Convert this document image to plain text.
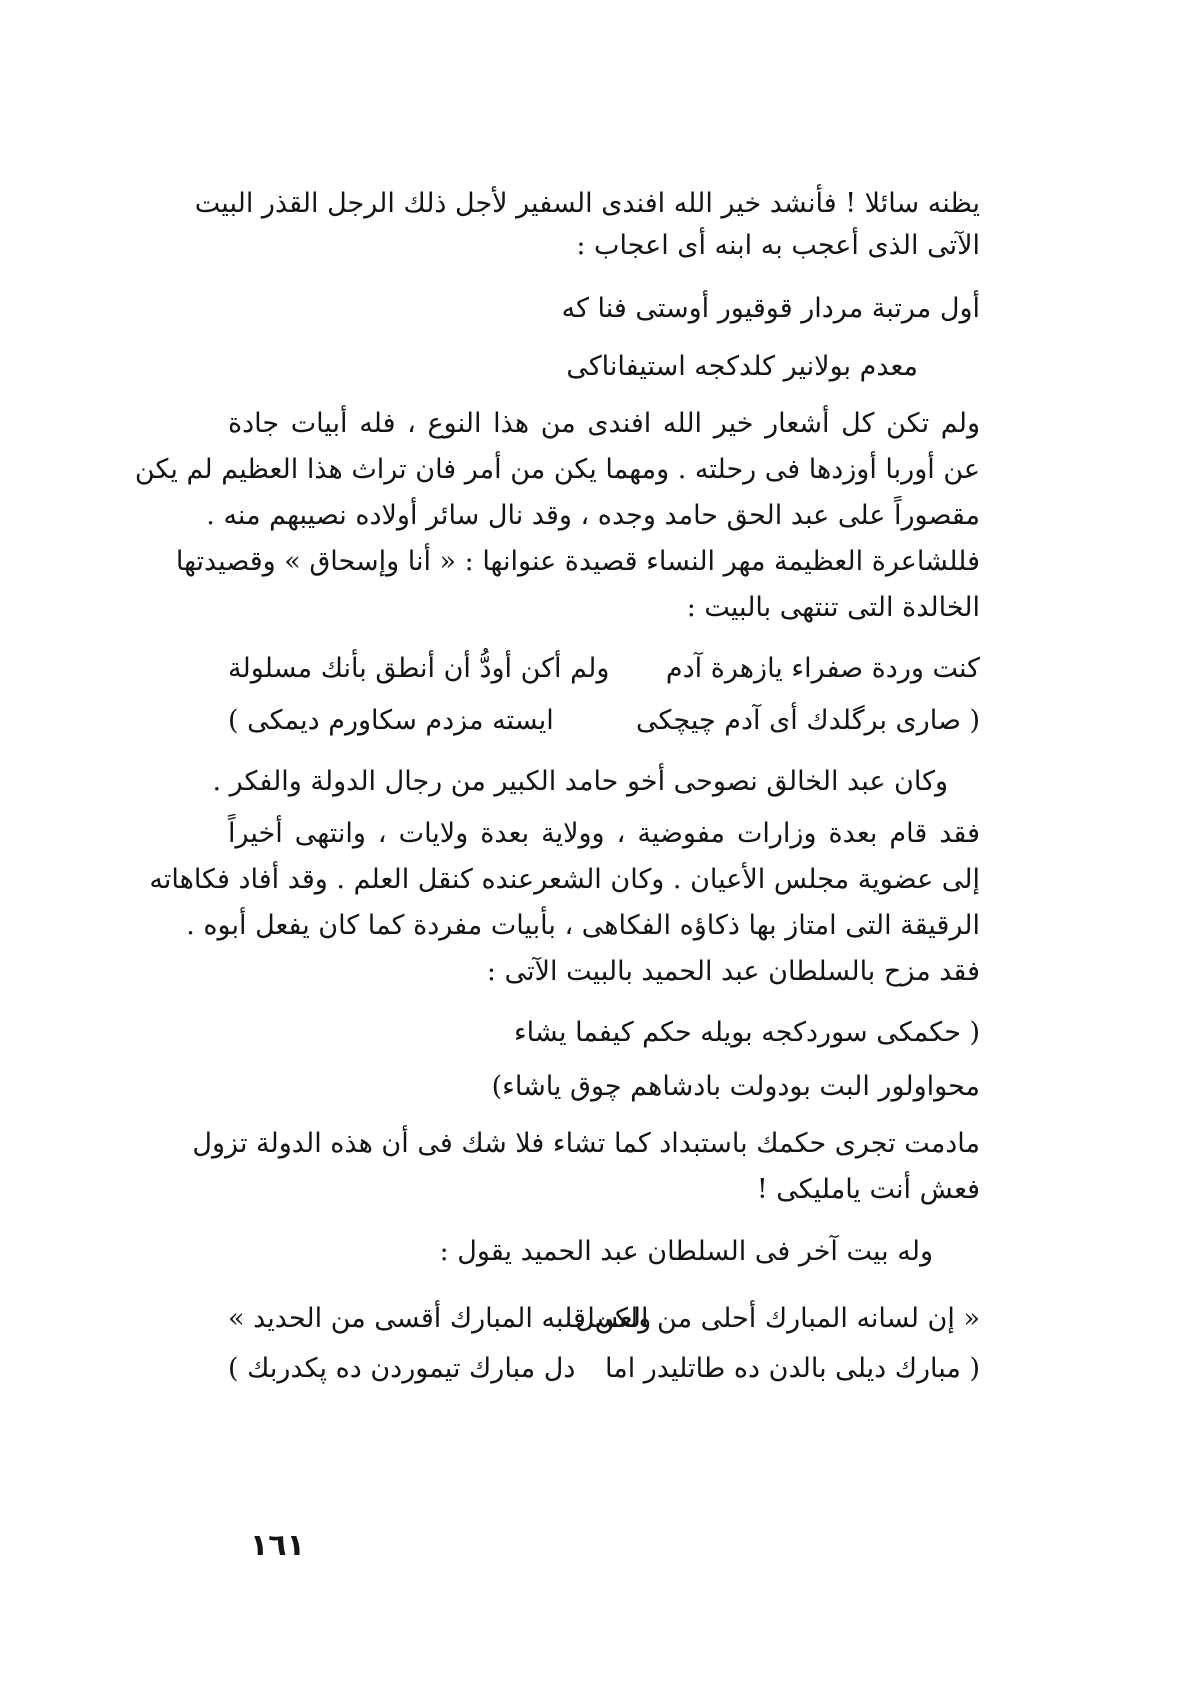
يظنه سائلا ! فأنشد خير الله افندى السفير لأجل ذلك الرجل القذر البيت

الآتى الذى أعجب به ابنه أى اعجاب :

أول مرتبة مردار قوقيور أوستى فنا كه

معدم بولانير كلدكجه استيفاناكى

ولم تكن كل أشعار خير الله افندى من هذا النوع ، فله أبيات جادة

عن أوربا أوزدها فى رحلته . ومهما يكن من أمر فان تراث هذا العظيم لم يكن

مقصوراً على عبد الحق حامد وجده ، وقد نال سائر أولاده نصيبهم منه .

فللشاعرة العظيمة مهر النساء قصيدة عنوانها : « أنا وإسحاق » وقصيدتها

الخالدة التى تنتهى بالبيت :

كنت وردة صفراء يازهرة آدم
ولم أكن أودُّ أن أنطق بأنك مسلولة
( صارى برگلدك أى آدم چيچكى
ايسته مزدم سكاورم ديمكى )

وكان عبد الخالق نصوحى أخو حامد الكبير من رجال الدولة والفكر .

فقد قام بعدة وزارات مفوضية ، وولاية بعدة ولايات ، وانتهى أخيراً

إلى عضوية مجلس الأعيان . وكان الشعرعنده كنقل العلم . وقد أفاد فكاهاته

الرقيقة التى امتاز بها ذكاؤه الفكاهى ، بأبيات مفردة كما كان يفعل أبوه .

فقد مزح بالسلطان عبد الحميد بالبيت الآتى :

( حكمكى سوردكجه بويله حكم كيفما يشاء

محواولور البت بودولت بادشاهم چوق ياشاء)

مادمت تجرى حكمك باستبداد كما تشاء فلا شك فى أن هذه الدولة تزول

فعش أنت يامليكى !

وله بيت آخر فى السلطان عبد الحميد يقول :

« إن لسانه المبارك أحلى من العسل
ولكن قلبه المبارك أقسى من الحديد »
( مبارك ديلى بالدن ده طاتليدر اما
دل مبارك تيموردن ده پكدربك )
١٦١
